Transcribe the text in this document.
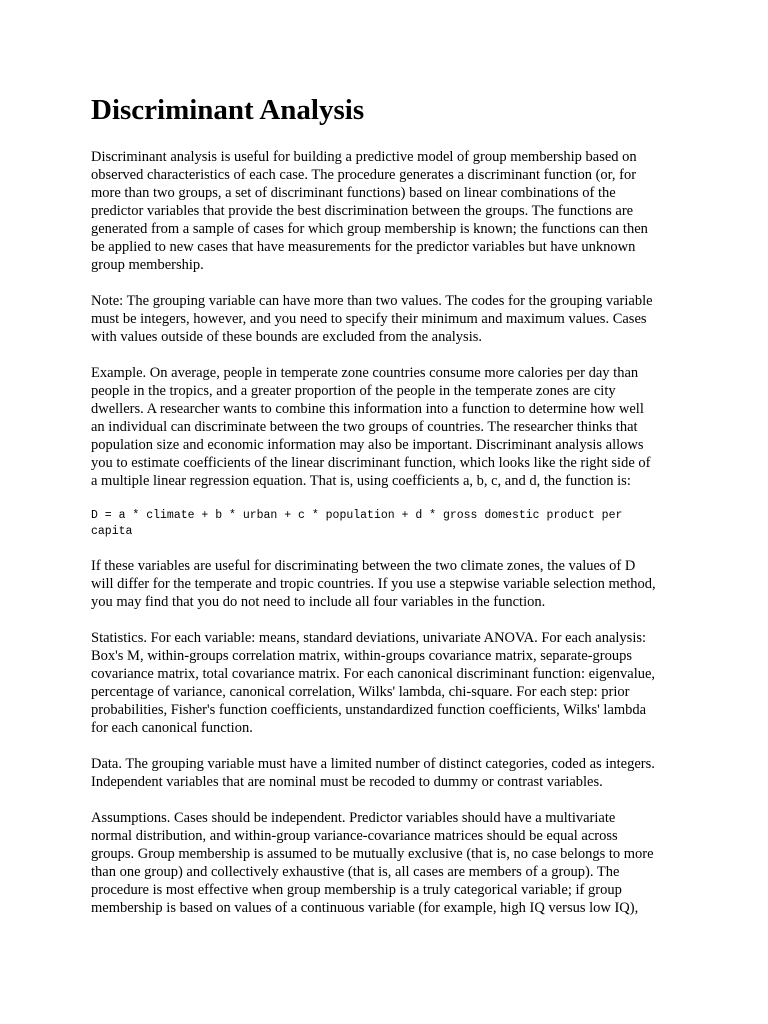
Discriminant Analysis

Discriminant analysis is useful for building a predictive model of group membership based on
observed characteristics of each case. The procedure generates a discriminant function (or, for
more than two groups, a set of discriminant functions) based on linear combinations of the
predictor variables that provide the best discrimination between the groups. The functions are
generated from a sample of cases for which group membership is known; the functions can then
be applied to new cases that have measurements for the predictor variables but have unknown
group membership.

Note: The grouping variable can have more than two values. The codes for the grouping variable
must be integers, however, and you need to specify their minimum and maximum values. Cases
with values outside of these bounds are excluded from the analysis.

Example. On average, people in temperate zone countries consume more calories per day than
people in the tropics, and a greater proportion of the people in the temperate zones are city
dwellers. A researcher wants to combine this information into a function to determine how well
an individual can discriminate between the two groups of countries. The researcher thinks that
population size and economic information may also be important. Discriminant analysis allows
you to estimate coefficients of the linear discriminant function, which looks like the right side of
a multiple linear regression equation. That is, using coefficients a, b, c, and d, the function is:

D = a * climate + b * urban + c * population + d * gross domestic product per
capita

If these variables are useful for discriminating between the two climate zones, the values of D
will differ for the temperate and tropic countries. If you use a stepwise variable selection method,
you may find that you do not need to include all four variables in the function.

Statistics. For each variable: means, standard deviations, univariate ANOVA. For each analysis:
Box's M, within-groups correlation matrix, within-groups covariance matrix, separate-groups
covariance matrix, total covariance matrix. For each canonical discriminant function: eigenvalue,
percentage of variance, canonical correlation, Wilks' lambda, chi-square. For each step: prior
probabilities, Fisher's function coefficients, unstandardized function coefficients, Wilks' lambda
for each canonical function.

Data. The grouping variable must have a limited number of distinct categories, coded as integers.
Independent variables that are nominal must be recoded to dummy or contrast variables.

Assumptions. Cases should be independent. Predictor variables should have a multivariate
normal distribution, and within-group variance-covariance matrices should be equal across
groups. Group membership is assumed to be mutually exclusive (that is, no case belongs to more
than one group) and collectively exhaustive (that is, all cases are members of a group). The
procedure is most effective when group membership is a truly categorical variable; if group
membership is based on values of a continuous variable (for example, high IQ versus low IQ),
